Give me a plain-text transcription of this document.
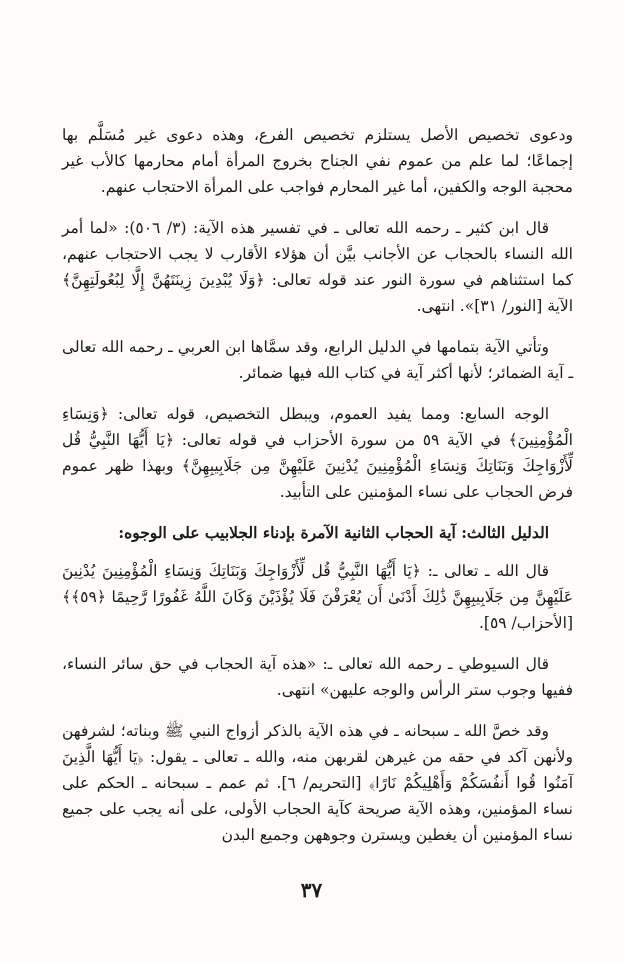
ودعوى تخصيص الأصل يستلزم تخصيص الفرع، وهذه دعوى غير مُسَلَّم بها إجماعًا؛ لما علم من عموم نفي الجناح بخروج المرأة أمام محارمها كالأب غير محجبة الوجه والكفين، أما غير المحارم فواجب على المرأة الاحتجاب عنهم.

قال ابن كثير ـ رحمه الله تعالى ـ في تفسير هذه الآية: (٣/ ٥٠٦): «لما أمر الله النساء بالحجاب عن الأجانب بيَّن أن هؤلاء الأقارب لا يجب الاحتجاب عنهم، كما استثناهم في سورة النور عند قوله تعالى: ﴿وَلَا يُبْدِينَ زِينَتَهُنَّ إِلَّا لِبُعُولَتِهِنَّ﴾ الآية [النور/ ٣١]». انتهى.

وتأتي الآية بتمامها في الدليل الرابع، وقد سمَّاها ابن العربي ـ رحمه الله تعالى ـ آية الضمائر؛ لأنها أكثر آية في كتاب الله فيها ضمائر.

الوجه السابع: ومما يفيد العموم، ويبطل التخصيص، قوله تعالى: ﴿وَنِسَاءِ الْمُؤْمِنِينَ﴾ في الآية ٥٩ من سورة الأحزاب في قوله تعالى: ﴿يَا أَيُّهَا النَّبِيُّ قُل لِّأَزْوَاجِكَ وَبَنَاتِكَ وَنِسَاءِ الْمُؤْمِنِينَ يُدْنِينَ عَلَيْهِنَّ مِن جَلَابِيبِهِنَّ﴾ وبهذا ظهر عموم فرض الحجاب على نساء المؤمنين على التأبيد.

الدليل الثالث: آية الحجاب الثانية الآمرة بإدناء الجلابيب على الوجوه:

قال الله ـ تعالى ـ: ﴿يَا أَيُّهَا النَّبِيُّ قُل لِّأَزْوَاجِكَ وَبَنَاتِكَ وَنِسَاءِ الْمُؤْمِنِينَ يُدْنِينَ عَلَيْهِنَّ مِن جَلَابِيبِهِنَّ ذَٰلِكَ أَدْنَىٰ أَن يُعْرَفْنَ فَلَا يُؤْذَيْنَ وَكَانَ اللَّهُ غَفُورًا رَّحِيمًا ﴿٥٩﴾﴾ [الأحزاب/ ٥٩].

قال السيوطي ـ رحمه الله تعالى ـ: «هذه آية الحجاب في حق سائر النساء، ففيها وجوب ستر الرأس والوجه عليهن» انتهى.

وقد خصَّ الله ـ سبحانه ـ في هذه الآية بالذكر أزواج النبي ﷺ وبناته؛ لشرفهن ولأنهن آكد في حقه من غيرهن لقربهن منه، والله ـ تعالى ـ يقول: ﴿يَا أَيُّهَا الَّذِينَ آمَنُوا قُوا أَنفُسَكُمْ وَأَهْلِيكُمْ نَارًا﴾ [التحريم/ ٦]. ثم عمم ـ سبحانه ـ الحكم على نساء المؤمنين، وهذه الآية صريحة كآية الحجاب الأولى، على أنه يجب على جميع نساء المؤمنين أن يغطين ويسترن وجوههن وجميع البدن

٣٧
